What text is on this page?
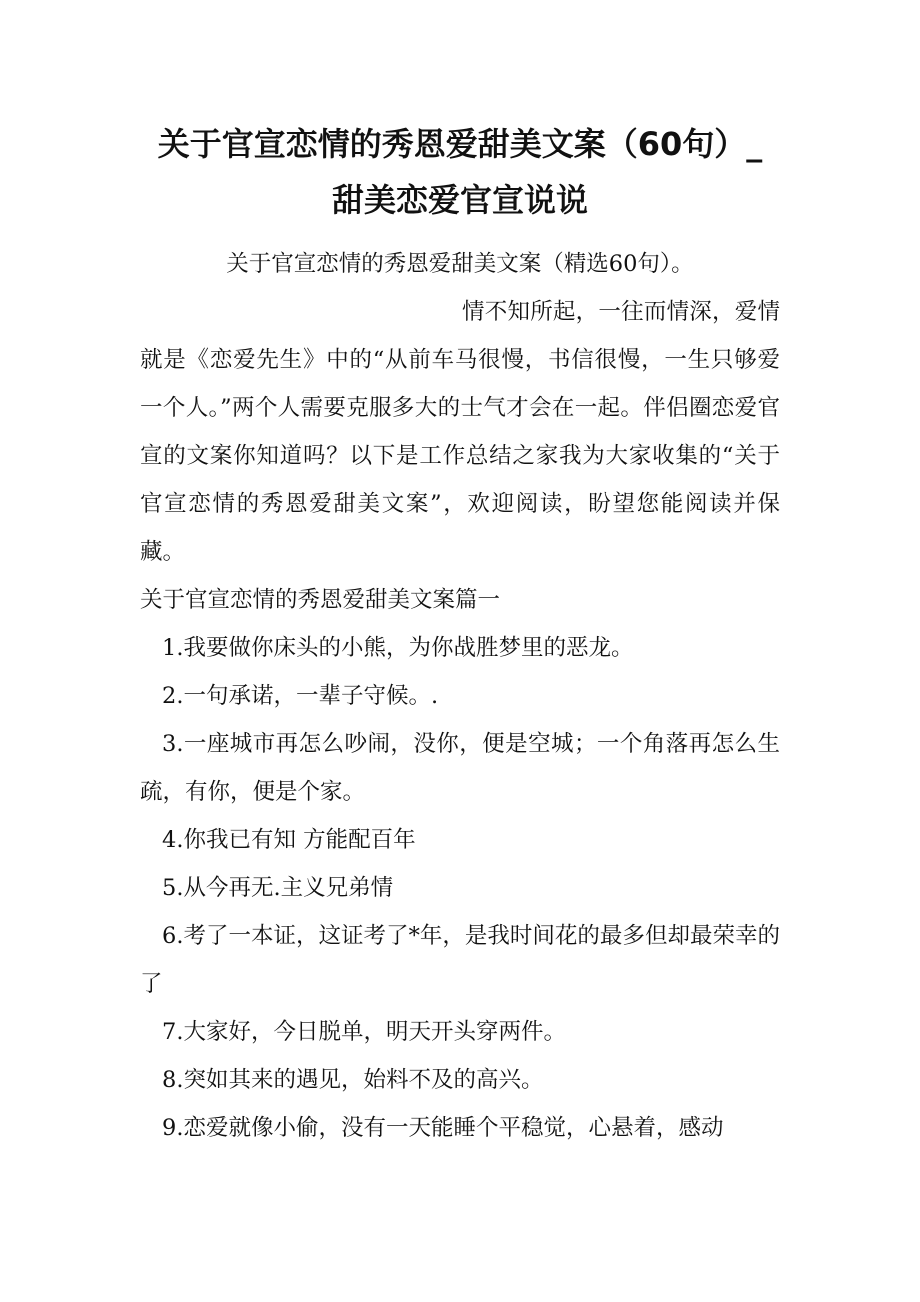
关于官宣恋情的秀恩爱甜美文案（60句）_
甜美恋爱官宣说说
关于官宣恋情的秀恩爱甜美文案（精选60句）。
情不知所起，一往而情深，爱情就是《恋爱先生》中的“从前车马很慢，书信很慢，一生只够爱一个人。”两个人需要克服多大的士气才会在一起。伴侣圈恋爱官宣的文案你知道吗？以下是工作总结之家我为大家收集的“关于官宣恋情的秀恩爱甜美文案”，欢迎阅读，盼望您能阅读并保藏。
关于官宣恋情的秀恩爱甜美文案篇一
1.我要做你床头的小熊，为你战胜梦里的恶龙。
2.一句承诺，一辈子守候。.
3.一座城市再怎么吵闹，没你，便是空城；一个角落再怎么生疏，有你，便是个家。
4.你我已有知 方能配百年
5.从今再无.主义兄弟情
6.考了一本证，这证考了*年，是我时间花的最多但却最荣幸的了
7.大家好，今日脱单，明天开头穿两件。
8.突如其来的遇见，始料不及的高兴。
9.恋爱就像小偷，没有一天能睡个平稳觉，心悬着，感动
